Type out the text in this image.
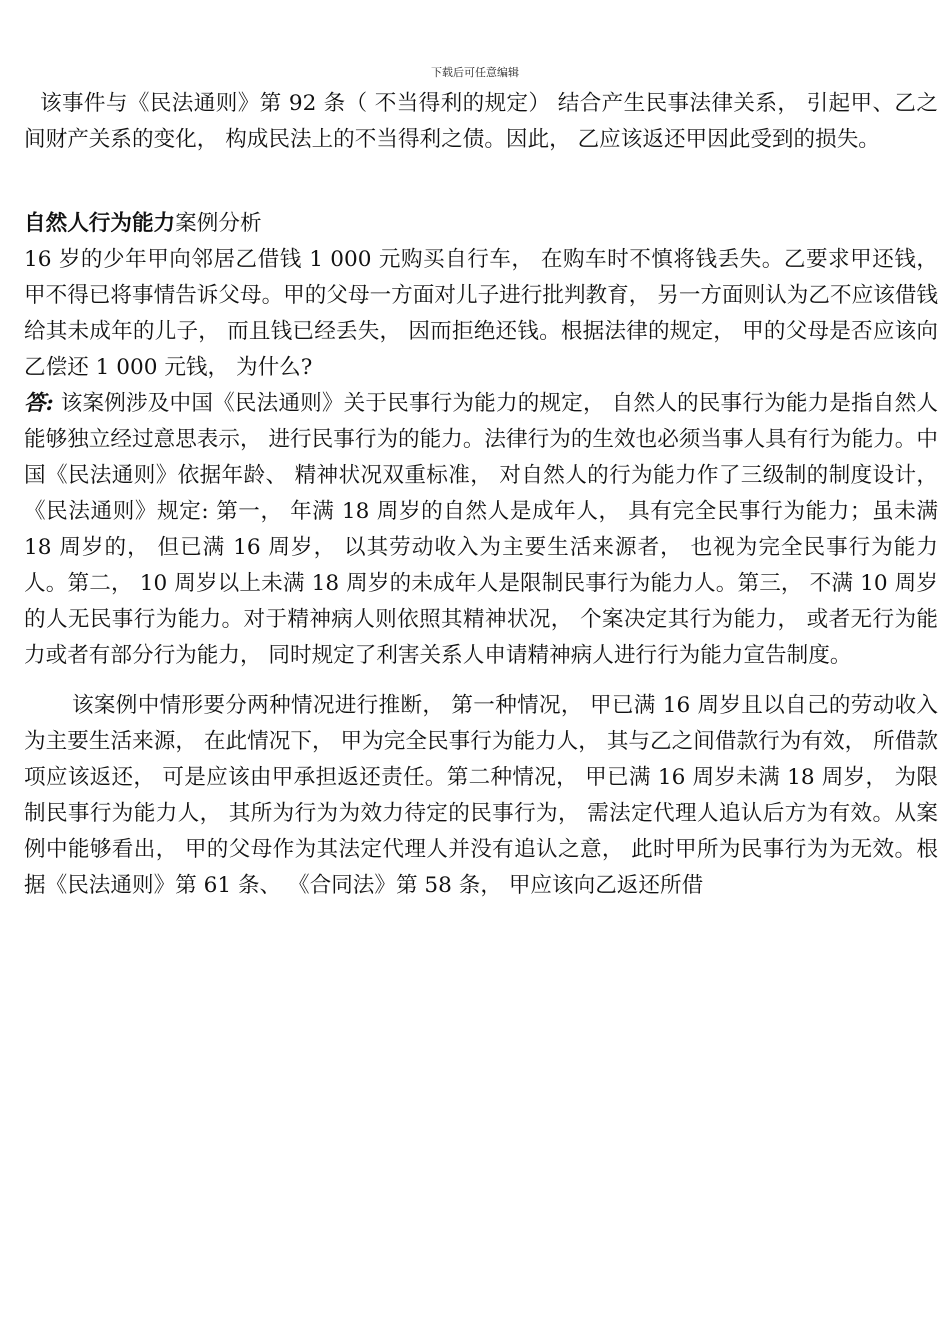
下载后可任意编辑

该事件与《民法通则》第 92 条（ 不当得利的规定） 结合产生民事法律关系， 引起甲、乙之间财产关系的变化， 构成民法上的不当得利之债。因此， 乙应该返还甲因此受到的损失。

自然人行为能力案例分析

16 岁的少年甲向邻居乙借钱 1 000 元购买自行车， 在购车时不慎将钱丢失。乙要求甲还钱， 甲不得已将事情告诉父母。甲的父母一方面对儿子进行批判教育， 另一方面则认为乙不应该借钱给其未成年的儿子， 而且钱已经丢失， 因而拒绝还钱。根据法律的规定， 甲的父母是否应该向乙偿还 1 000 元钱， 为什么?

答: 该案例涉及中国《民法通则》关于民事行为能力的规定， 自然人的民事行为能力是指自然人能够独立经过意思表示， 进行民事行为的能力。法律行为的生效也必须当事人具有行为能力。中国《民法通则》依据年龄、 精神状况双重标准， 对自然人的行为能力作了三级制的制度设计， 《民法通则》规定: 第一， 年满 18 周岁的自然人是成年人， 具有完全民事行为能力；虽未满 18 周岁的， 但已满 16 周岁， 以其劳动收入为主要生活来源者， 也视为完全民事行为能力人。第二， 10 周岁以上未满 18 周岁的未成年人是限制民事行为能力人。第三， 不满 10 周岁的人无民事行为能力。对于精神病人则依照其精神状况， 个案决定其行为能力， 或者无行为能力或者有部分行为能力， 同时规定了利害关系人申请精神病人进行行为能力宣告制度。

该案例中情形要分两种情况进行推断， 第一种情况， 甲已满 16 周岁且以自己的劳动收入为主要生活来源， 在此情况下， 甲为完全民事行为能力人， 其与乙之间借款行为有效， 所借款项应该返还， 可是应该由甲承担返还责任。第二种情况， 甲已满 16 周岁未满 18 周岁， 为限制民事行为能力人， 其所为行为为效力待定的民事行为， 需法定代理人追认后方为有效。从案例中能够看出， 甲的父母作为其法定代理人并没有追认之意， 此时甲所为民事行为为无效。根据《民法通则》第 61 条、 《合同法》第 58 条， 甲应该向乙返还所借
